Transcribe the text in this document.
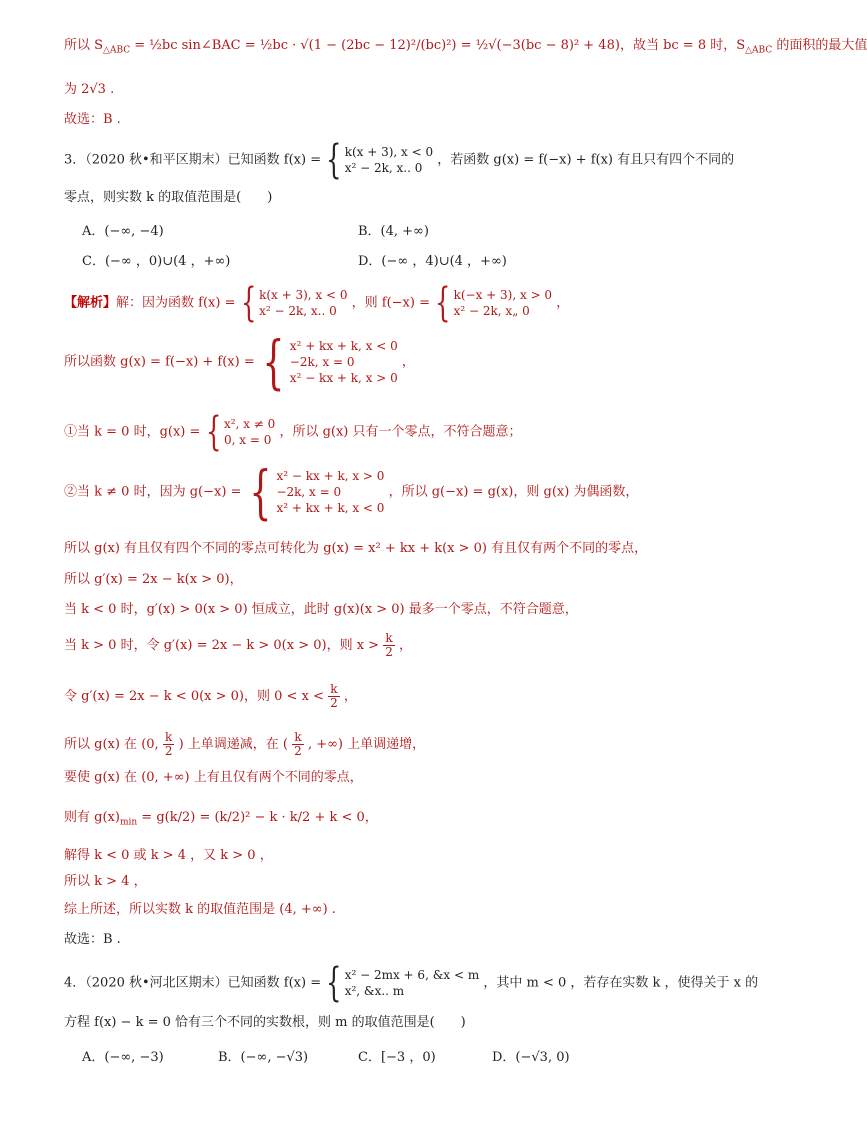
所以 $S_{\triangle ABC}$ = ½bc sin∠BAC = ½bc · √(1 − (2bc − 12)²/(bc)²) = ½√(−3(bc − 8)² + 48)，故当 bc = 8 时，$S_{\triangle ABC}$ 的面积的最大值
为 2√3 .
故选：B .
3．（2020 秋•和平区期末）已知函数 f(x) = { k(x + 3), x < 0
x² − 2k, x.. 0
，若函数 g(x) = f(−x) + f(x) 有且只有四个不同的
零点，则实数 k 的取值范围是(　　)
A．(−∞, −4)	B．(4, +∞)
C．(−∞ ，0)∪(4 ，+∞)	D．(−∞ ，4)∪(4 ，+∞)
【解析】解：因为函数 f(x) = { k(x + 3), x < 0
x² − 2k, x.. 0
，则 f(−x) = { k(−x + 3), x > 0
x² − 2k, x„ 0
，
所以函数 g(x) = f(−x) + f(x) = { x² + kx + k, x < 0
−2k, x = 0
x² − kx + k, x > 0
，
①当 k = 0 时，g(x) = { x², x ≠ 0
0, x = 0
，所以 g(x) 只有一个零点，不符合题意；
②当 k ≠ 0 时，因为 g(−x) = { x² − kx + k, x > 0
−2k, x = 0
x² + kx + k, x < 0
，所以 g(−x) = g(x)，则 g(x) 为偶函数，
所以 g(x) 有且仅有四个不同的零点可转化为 g(x) = x² + kx + k(x > 0) 有且仅有两个不同的零点，
所以 g′(x) = 2x − k(x > 0)，
当 k < 0 时，g′(x) > 0(x > 0) 恒成立，此时 g(x)(x > 0) 最多一个零点，不符合题意，
当 k > 0 时，令 g′(x) = 2x − k > 0(x > 0)，则 $x > \frac{k}{2}$ ，
令 g′(x) = 2x − k < 0(x > 0)，则 $0 < x < \frac{k}{2}$ ，
所以 g(x) 在 (0, $\frac{k}{2}$ ) 上单调递减，在 ( $\frac{k}{2}$ , +∞) 上单调递增，
要使 g(x) 在 (0, +∞) 上有且仅有两个不同的零点，
则有 $g(x)_{min} = g(k/2) = (k/2)^2 - k \cdot k/2 + k < 0$，
解得 k < 0 或 k > 4 ，又 k > 0 ，
所以 k > 4 ，
综上所述，所以实数 k 的取值范围是 (4, +∞) .
故选：B .
4．（2020 秋•河北区期末）已知函数 f(x) = { x² − 2mx + 6, &x < m
x², &x.. m
，其中 m < 0 ，若存在实数 k ，使得关于 x 的
方程 f(x) − k = 0 恰有三个不同的实数根，则 m 的取值范围是(　　)
A．(−∞, −3)	B．(−∞, −√3)	C．[−3 ，0)	D．(−√3, 0)
